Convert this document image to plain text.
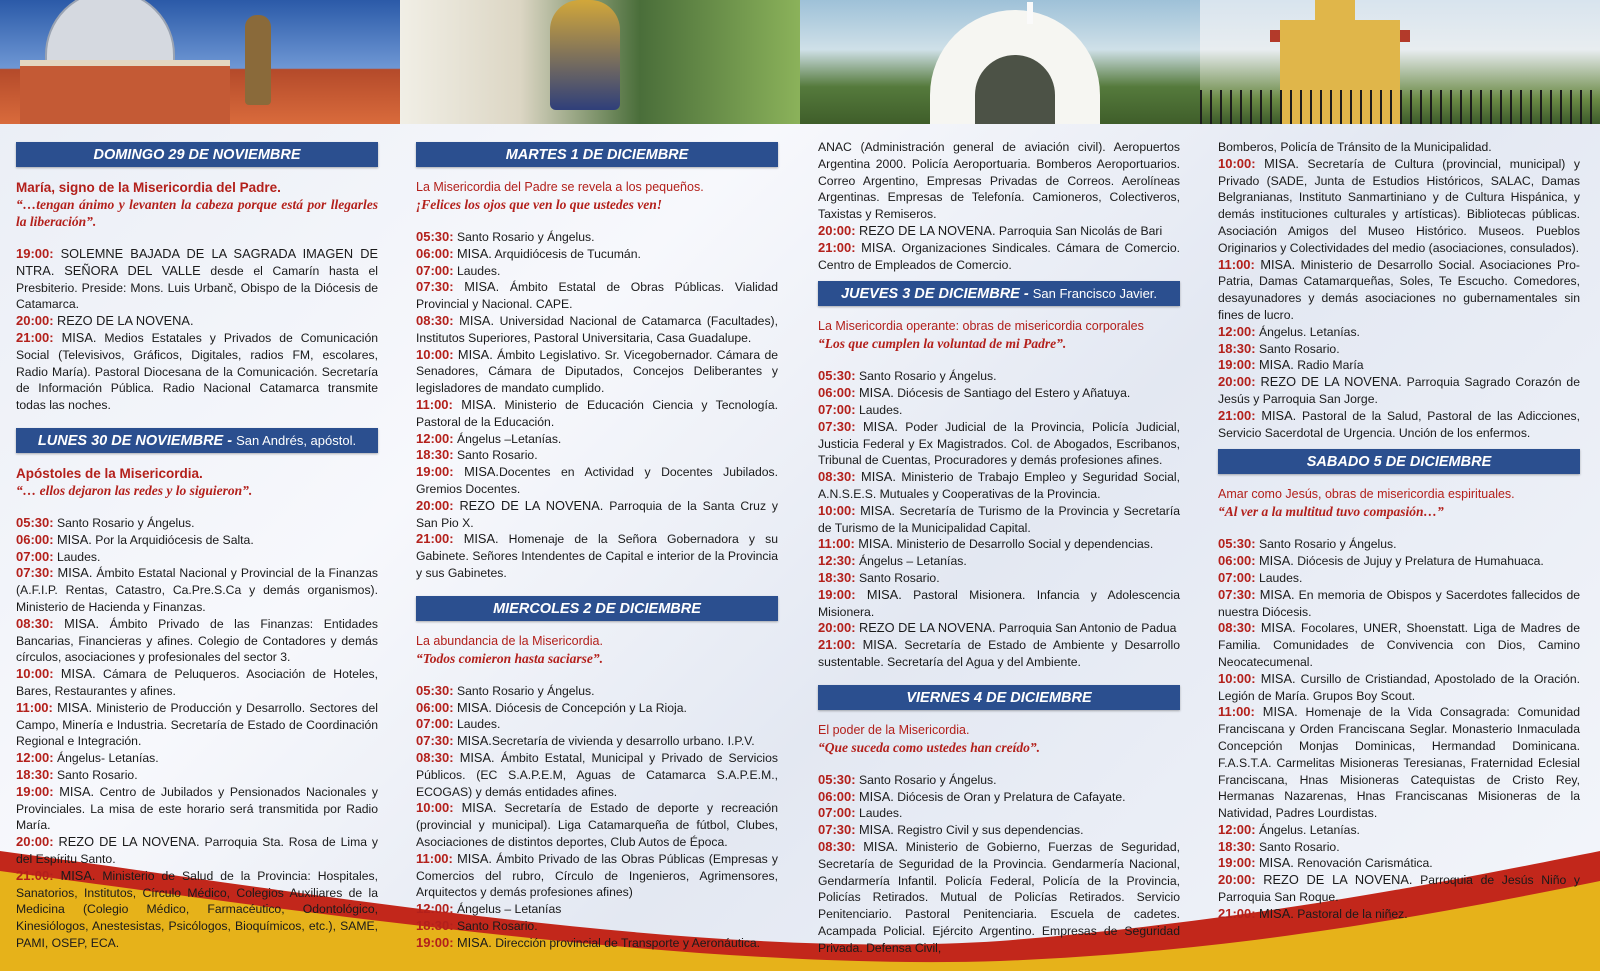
DOMINGO 29 DE NOVIEMBRE
María, signo de la Misericordia del Padre.
“…tengan ánimo y levanten la cabeza porque está por llegarles la liberación”.
19:00: SOLEMNE BAJADA DE LA SAGRADA IMAGEN DE NTRA. SEÑORA DEL VALLE desde el Camarín hasta el Presbiterio. Preside: Mons. Luis Urbanč, Obispo de la Diócesis de Catamarca.
20:00: REZO DE LA NOVENA.
21:00: MISA. Medios Estatales y Privados de Comunicación Social (Televisivos, Gráficos, Digitales, radios FM, escolares, Radio María). Pastoral Diocesana de la Comunicación. Secretaría de Información Pública. Radio Nacional Catamarca transmite todas las noches.
LUNES 30 DE NOVIEMBRE - San Andrés, apóstol.
Apóstoles de la Misericordia.
“… ellos dejaron las redes y lo siguieron”.
05:30: Santo Rosario y Ángelus.
06:00: MISA. Por la Arquidiócesis de Salta.
07:00: Laudes.
07:30: MISA. Ámbito Estatal Nacional y Provincial de la Finanzas (A.F.I.P. Rentas, Catastro, Ca.Pre.S.Ca y demás organismos). Ministerio de Hacienda y Finanzas.
08:30: MISA. Ámbito Privado de las Finanzas: Entidades Bancarias, Financieras y afines. Colegio de Contadores y demás círculos, asociaciones y profesionales del sector 3.
10:00: MISA. Cámara de Peluqueros. Asociación de Hoteles, Bares, Restaurantes y afines.
11:00: MISA. Ministerio de Producción y Desarrollo. Sectores del Campo, Minería e Industria. Secretaría de Estado de Coordinación Regional e Integración.
12:00: Ángelus- Letanías.
18:30: Santo Rosario.
19:00: MISA. Centro de Jubilados y Pensionados Nacionales y Provinciales. La misa de este horario será transmitida por Radio María.
20:00: REZO DE LA NOVENA. Parroquia Sta. Rosa de Lima y del Espíritu Santo.
21:00: MISA. Ministerio de Salud de la Provincia: Hospitales, Sanatorios, Institutos, Círculo Médico, Colegios Auxiliares de la Medicina (Colegio Médico, Farmacéutico, Odontológico, Kinesiólogos, Anestesistas, Psicólogos, Bioquímicos, etc.), SAME, PAMI, OSEP, ECA.
MARTES 1 DE DICIEMBRE
La Misericordia del Padre se revela a los pequeños.
¡Felices los ojos que ven lo que ustedes ven!
05:30: Santo Rosario y Ángelus.
06:00: MISA. Arquidiócesis de Tucumán.
07:00: Laudes.
07:30: MISA. Ámbito Estatal de Obras Públicas. Vialidad Provincial y Nacional. CAPE.
08:30: MISA. Universidad Nacional de Catamarca (Facultades), Institutos Superiores, Pastoral Universitaria, Casa Guadalupe.
10:00: MISA. Ámbito Legislativo. Sr. Vicegobernador. Cámara de Senadores, Cámara de Diputados, Concejos Deliberantes y legisladores de mandato cumplido.
11:00: MISA. Ministerio de Educación Ciencia y Tecnología. Pastoral de la Educación.
12:00: Ángelus –Letanías.
18:30: Santo Rosario.
19:00: MISA.Docentes en Actividad y Docentes Jubilados. Gremios Docentes.
20:00: REZO DE LA NOVENA. Parroquia de la Santa Cruz y San Pio X.
21:00: MISA. Homenaje de la Señora Gobernadora y su Gabinete. Señores Intendentes de Capital e interior de la Provincia y sus Gabinetes.
MIERCOLES 2 DE DICIEMBRE
La abundancia de la Misericordia.
“Todos comieron hasta saciarse”.
05:30: Santo Rosario y Ángelus.
06:00: MISA. Diócesis de Concepción y La Rioja.
07:00: Laudes.
07:30: MISA.Secretaría de vivienda y desarrollo urbano. I.P.V.
08:30: MISA. Ámbito Estatal, Municipal y Privado de Servicios Públicos. (EC S.A.P.E.M, Aguas de Catamarca S.A.P.E.M., ECOGAS) y demás entidades afines.
10:00: MISA. Secretaría de Estado de deporte y recreación (provincial y municipal). Liga Catamarqueña de fútbol, Clubes, Asociaciones de distintos deportes, Club Autos de Época.
11:00: MISA. Ámbito Privado de las Obras Públicas (Empresas y Comercios del rubro, Círculo de Ingenieros, Agrimensores, Arquitectos y demás profesiones afines)
12:00: Ángelus – Letanías
18:30: Santo Rosario.
19:00: MISA. Dirección provincial de Transporte y Aeronáutica.
ANAC (Administración general de aviación civil). Aeropuertos Argentina 2000. Policía Aeroportuaria. Bomberos Aeroportuarios. Correo Argentino, Empresas Privadas de Correos. Aerolíneas Argentinas. Empresas de Telefonía. Camioneros, Colectiveros, Taxistas y Remiseros.
20:00: REZO DE LA NOVENA. Parroquia San Nicolás de Bari
21:00: MISA. Organizaciones Sindicales. Cámara de Comercio. Centro de Empleados de Comercio.
JUEVES 3 DE DICIEMBRE - San Francisco Javier.
La Misericordia operante: obras de misericordia corporales
“Los que cumplen la voluntad de mi Padre”.
05:30: Santo Rosario y Ángelus.
06:00: MISA. Diócesis de Santiago del Estero y Añatuya.
07:00: Laudes.
07:30: MISA. Poder Judicial de la Provincia, Policía Judicial, Justicia Federal y Ex Magistrados. Col. de Abogados, Escribanos, Tribunal de Cuentas, Procuradores y demás profesiones afines.
08:30: MISA. Ministerio de Trabajo Empleo y Seguridad Social, A.N.S.E.S. Mutuales y Cooperativas de la Provincia.
10:00: MISA. Secretaría de Turismo de la Provincia y Secretaría de Turismo de la Municipalidad Capital.
11:00: MISA. Ministerio de Desarrollo Social y dependencias.
12:30: Ángelus – Letanías.
18:30: Santo Rosario.
19:00: MISA. Pastoral Misionera. Infancia y Adolescencia Misionera.
20:00: REZO DE LA NOVENA. Parroquia San Antonio de Padua
21:00: MISA. Secretaría de Estado de Ambiente y Desarrollo sustentable. Secretaría del Agua y del Ambiente.
VIERNES 4 DE DICIEMBRE
El poder de la Misericordia.
“Que suceda como ustedes han creído”.
05:30: Santo Rosario y Ángelus.
06:00: MISA. Diócesis de Oran y Prelatura de Cafayate.
07:00: Laudes.
07:30: MISA. Registro Civil y sus dependencias.
08:30: MISA. Ministerio de Gobierno, Fuerzas de Seguridad, Secretaría de Seguridad de la Provincia. Gendarmería Nacional, Gendarmería Infantil. Policía Federal, Policía de la Provincia, Policías Retirados. Mutual de Policías Retirados. Servicio Penitenciario. Pastoral Penitenciaria. Escuela de cadetes. Acampada Policial. Ejército Argentino. Empresas de Seguridad Privada. Defensa Civil,
Bomberos, Policía de Tránsito de la Municipalidad.
10:00: MISA. Secretaría de Cultura (provincial, municipal) y Privado (SADE, Junta de Estudios Históricos, SALAC, Damas Belgranianas, Instituto Sanmartiniano y de Cultura Hispánica, y demás instituciones culturales y artísticas). Bibliotecas públicas. Asociación Amigos del Museo Histórico. Museos. Pueblos Originarios y Colectividades del medio (asociaciones, consulados).
11:00: MISA. Ministerio de Desarrollo Social. Asociaciones Pro-Patria, Damas Catamarqueñas, Soles, Te Escucho. Comedores, desayunadores y demás asociaciones no gubernamentales sin fines de lucro.
12:00: Ángelus. Letanías.
18:30: Santo Rosario.
19:00: MISA. Radio María
20:00: REZO DE LA NOVENA. Parroquia Sagrado Corazón de Jesús y Parroquia San Jorge.
21:00: MISA. Pastoral de la Salud, Pastoral de las Adicciones, Servicio Sacerdotal de Urgencia. Unción de los enfermos.
SABADO 5 DE DICIEMBRE
Amar como Jesús, obras de misericordia espirituales.
“Al ver a la multitud tuvo compasión…”
05:30: Santo Rosario y Ángelus.
06:00: MISA. Diócesis de Jujuy y Prelatura de Humahuaca.
07:00: Laudes.
07:30: MISA. En memoria de Obispos y Sacerdotes fallecidos de nuestra Diócesis.
08:30: MISA. Focolares, UNER, Shoenstatt. Liga de Madres de Familia. Comunidades de Convivencia con Dios, Camino Neocatecumenal.
10:00: MISA. Cursillo de Cristiandad, Apostolado de la Oración. Legión de María. Grupos Boy Scout.
11:00: MISA. Homenaje de la Vida Consagrada: Comunidad Franciscana y Orden Franciscana Seglar. Monasterio Inmaculada Concepción Monjas Dominicas, Hermandad Dominicana. F.A.S.T.A. Carmelitas Misioneras Teresianas, Fraternidad Eclesial Franciscana, Hnas Misioneras Catequistas de Cristo Rey, Hermanas Nazarenas, Hnas Franciscanas Misioneras de la Natividad, Padres Lourdistas.
12:00: Ángelus. Letanías.
18:30: Santo Rosario.
19:00: MISA. Renovación Carismática.
20:00: REZO DE LA NOVENA. Parroquia de Jesús Niño y Parroquia San Roque.
21:00: MISA. Pastoral de la niñez.
